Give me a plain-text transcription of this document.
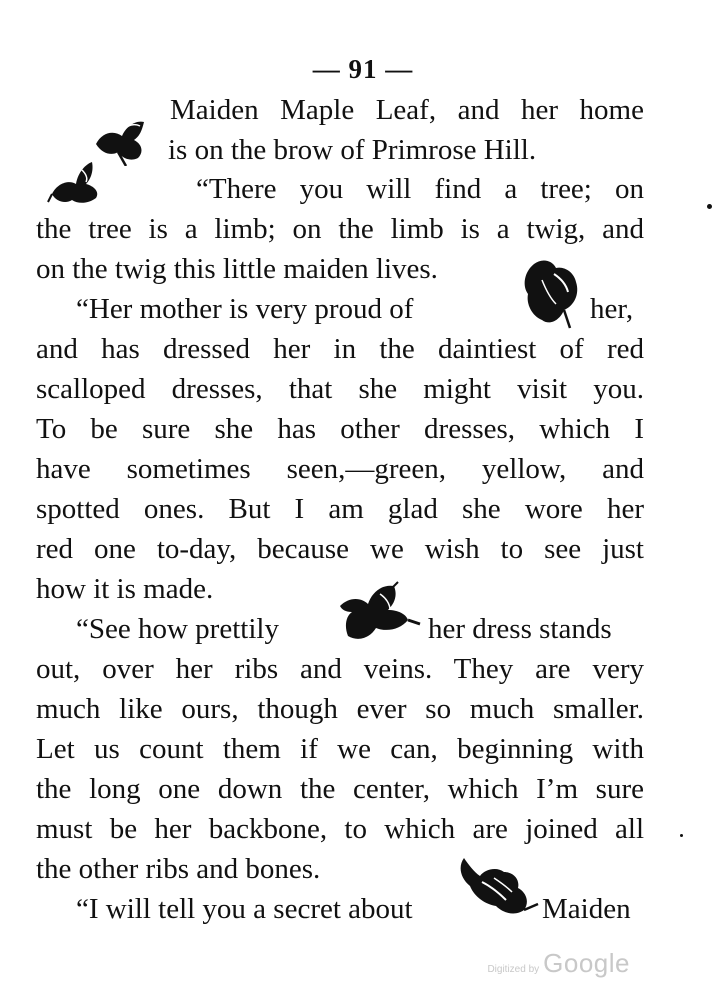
— 91 —
Maiden Maple Leaf, and her home
is on the brow of Primrose Hill.
“There you will find a tree; on
the tree is a limb; on the limb is a twig, and
on the twig this little maiden lives.
“Her mother is very proud of	her,
and has dressed her in the daintiest of red
scalloped dresses, that she might visit you.
To be sure she has other dresses, which I
have sometimes seen,—green, yellow, and
spotted ones. But I am glad she wore her
red one to-day, because we wish to see just
how it is made.
“See how prettily	her dress stands
out, over her ribs and veins. They are very
much like ours, though ever so much smaller.
Let us count them if we can, beginning with
the long one down the center, which I’m sure
must be her backbone, to which are joined all
the other ribs and bones.
“I will tell you a secret about	Maiden
Digitized by Google
